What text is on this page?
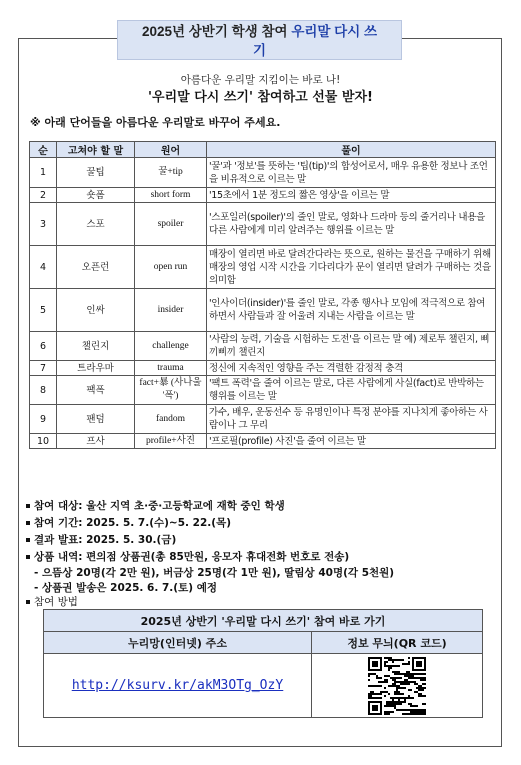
2025년 상반기 학생 참여 우리말 다시 쓰
기
아름다운 우리말 지킴이는 바로 나!
'우리말 다시 쓰기' 참여하고 선물 받자!
※ 아래 단어들을 아름다운 우리말로 바꾸어 주세요.
순	고쳐야 할 말	원어	풀이
1	꿀팁	꿀+tip	'꿀'과 '정보'를 뜻하는 '팁(tip)'의 합성어로서, 매우 유용한 정보나 조언을 비유적으로 이르는 말
2	숏폼	short form	'15초에서 1분 정도의 짧은 영상'을 이르는 말
3	스포	spoiler	'스포일러(spoiler)'의 줄인 말로, 영화나 드라마 등의 줄거리나 내용을 다른 사람에게 미리 알려주는 행위를 이르는 말
4	오픈런	open run	매장이 열리면 바로 달려간다라는 뜻으로, 원하는 물건을 구매하기 위해 매장의 영업 시작 시간을 기다리다가 문이 열리면 달려가 구매하는 것을 의미함
5	인싸	insider	'인사이더(insider)'를 줄인 말로, 각종 행사나 모임에 적극적으로 참여하면서 사람들과 잘 어울려 지내는 사람을 이르는 말
6	챌린지	challenge	'사람의 능력, 기술을 시험하는 도전'을 이르는 말 예) 제로투 챌린지, 삐끼삐끼 챌린지
7	트라우마	trauma	정신에 지속적인 영향을 주는 격렬한 감정적 충격
8	팩폭	fact+暴 (사나울 '폭')	'팩트 폭력'을 줄여 이르는 말로, 다른 사람에게 사실(fact)로 반박하는 행위를 이르는 말
9	팬덤	fandom	가수, 배우, 운동선수 등 유명인이나 특정 분야를 지나치게 좋아하는 사람이나 그 무리
10	프사	profile+사진	'프로필(profile) 사진'을 줄여 이르는 말
참여 대상: 울산 지역 초·중·고등학교에 재학 중인 학생
참여 기간: 2025. 5. 7.(수)~5. 22.(목)
결과 발표: 2025. 5. 30.(금)
상품 내역: 편의점 상품권(총 85만원, 응모자 휴대전화 번호로 전송)
- 으뜸상 20명(각 2만 원), 버금상 25명(각 1만 원), 딸림상 40명(각 5천원)
- 상품권 발송은 2025. 6. 7.(토) 예정
참여 방법
2025년 상반기 '우리말 다시 쓰기' 참여 바로 가기	
누리망(인터넷) 주소	정보 무늬(QR 코드)
http://ksurv.kr/akM3OTg_OzY	
